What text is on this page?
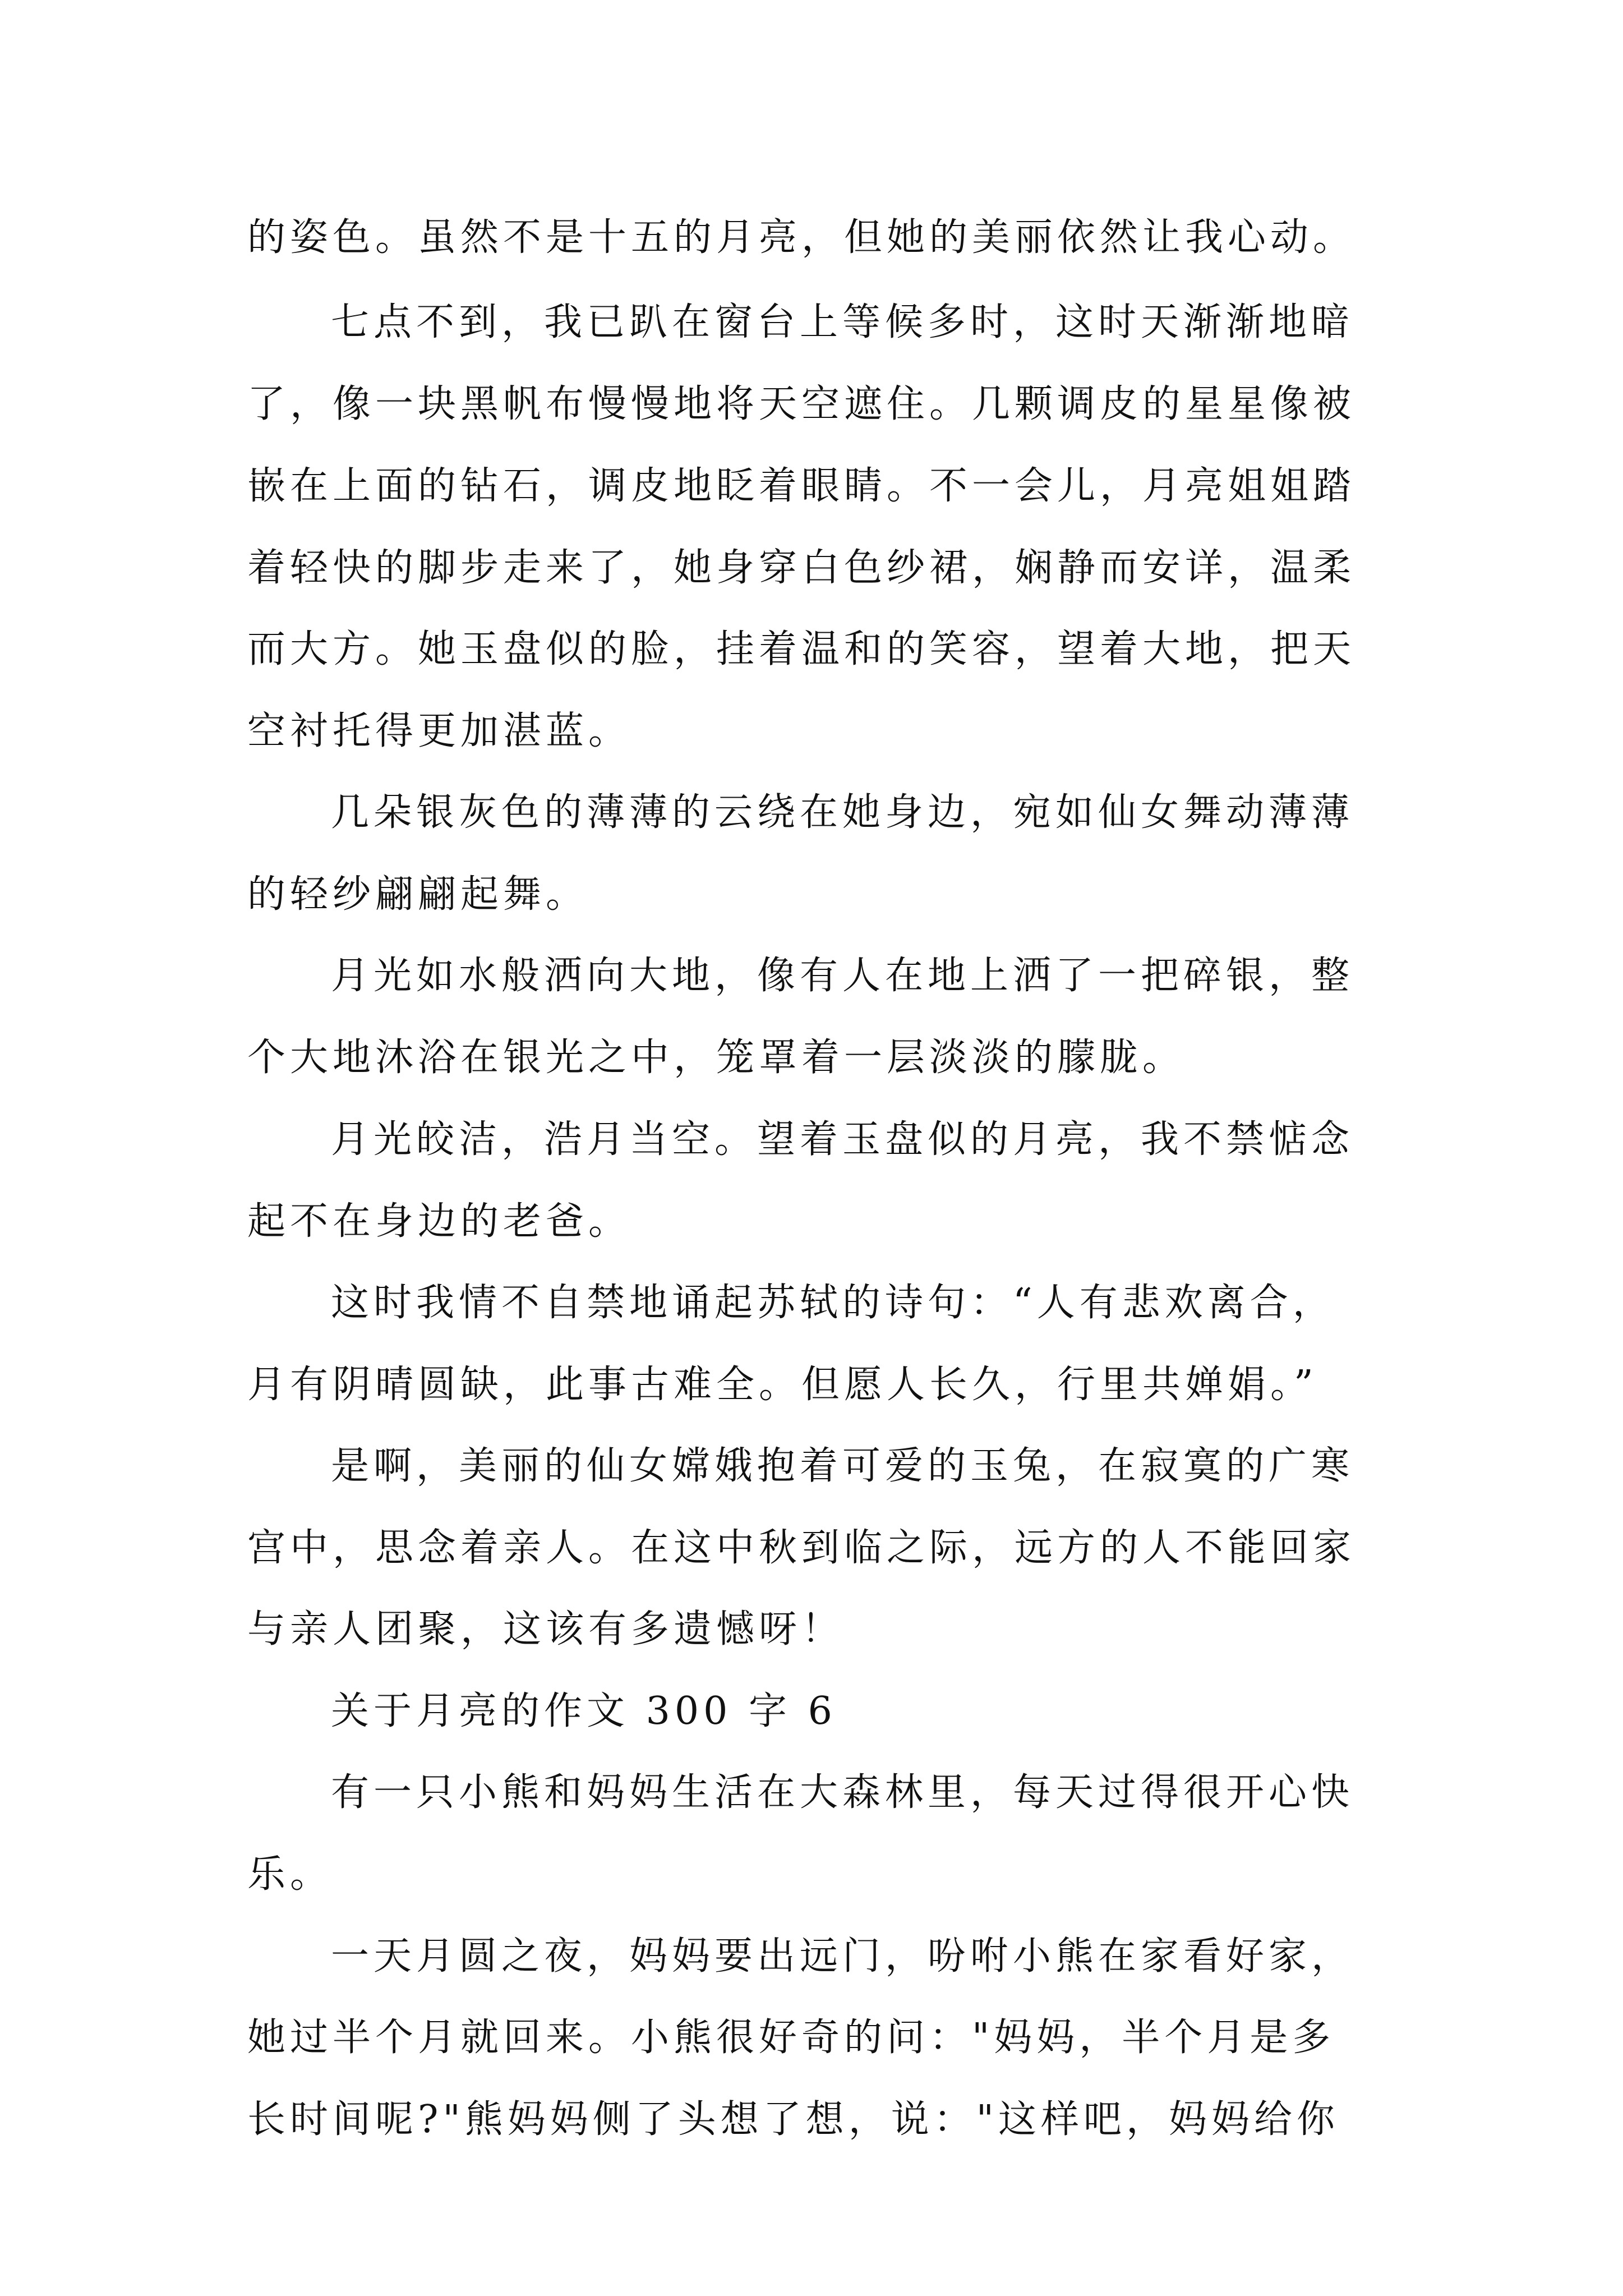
的姿色。虽然不是十五的月亮，但她的美丽依然让我心动。

七点不到，我已趴在窗台上等候多时，这时天渐渐地暗

了，像一块黑帆布慢慢地将天空遮住。几颗调皮的星星像被

嵌在上面的钻石，调皮地眨着眼睛。不一会儿，月亮姐姐踏

着轻快的脚步走来了，她身穿白色纱裙，娴静而安详，温柔

而大方。她玉盘似的脸，挂着温和的笑容，望着大地，把天

空衬托得更加湛蓝。

几朵银灰色的薄薄的云绕在她身边，宛如仙女舞动薄薄

的轻纱翩翩起舞。

月光如水般洒向大地，像有人在地上洒了一把碎银，整

个大地沐浴在银光之中，笼罩着一层淡淡的朦胧。

月光皎洁，浩月当空。望着玉盘似的月亮，我不禁惦念

起不在身边的老爸。

这时我情不自禁地诵起苏轼的诗句：“人有悲欢离合，

月有阴晴圆缺，此事古难全。但愿人长久，行里共婵娟。”

是啊，美丽的仙女嫦娥抱着可爱的玉兔，在寂寞的广寒

宫中，思念着亲人。在这中秋到临之际，远方的人不能回家

与亲人团聚，这该有多遗憾呀！

关于月亮的作文 300 字 6

有一只小熊和妈妈生活在大森林里，每天过得很开心快

乐。

一天月圆之夜，妈妈要出远门，吩咐小熊在家看好家，

她过半个月就回来。小熊很好奇的问："妈妈，半个月是多

长时间呢?"熊妈妈侧了头想了想，说："这样吧，妈妈给你
